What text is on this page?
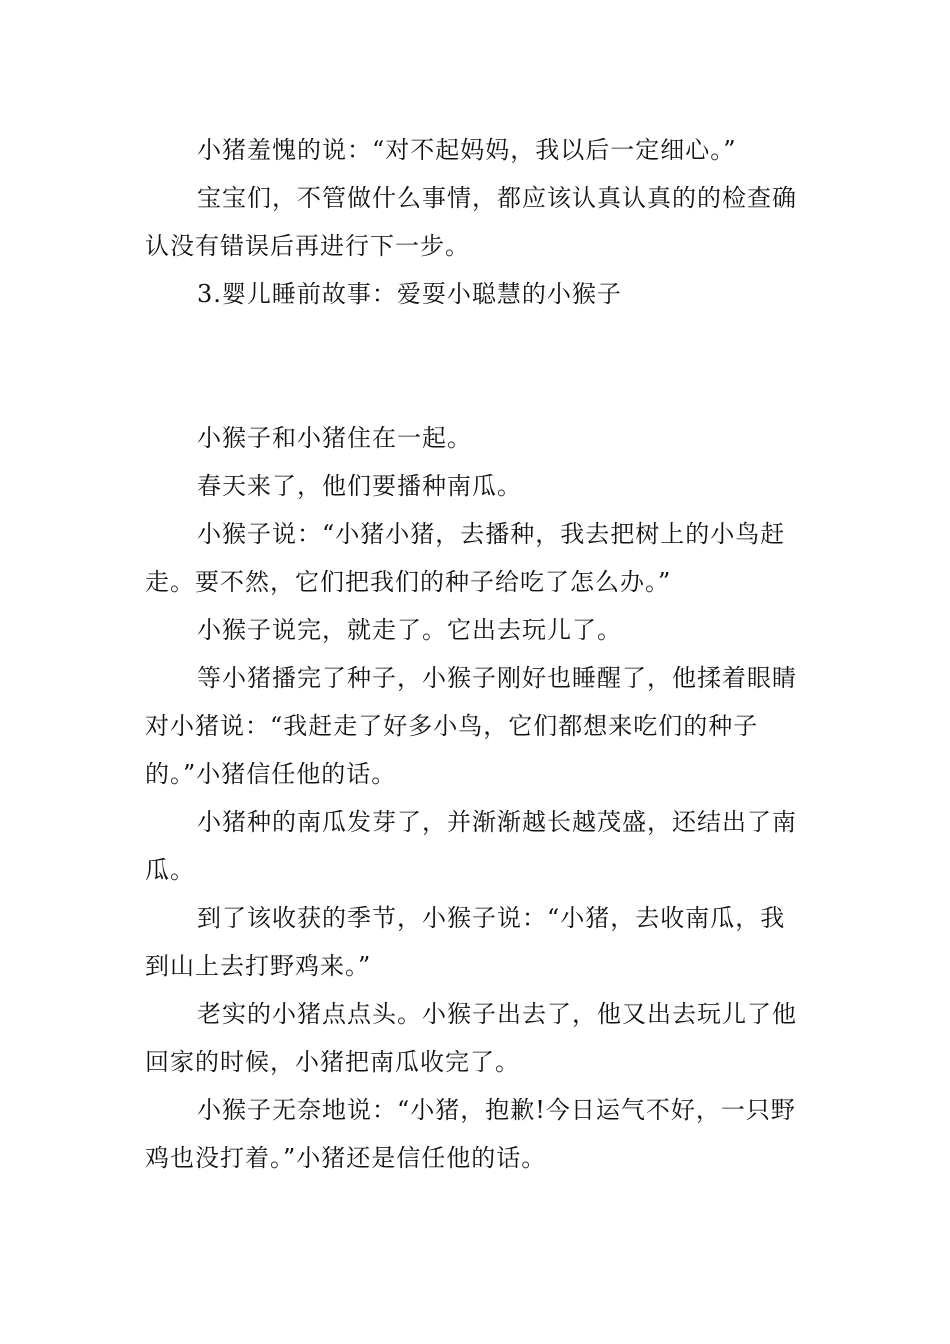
小猪羞愧的说：“对不起妈妈，我以后一定细心。”

宝宝们，不管做什么事情，都应该认真认真的的检查确认没有错误后再进行下一步。

3.婴儿睡前故事：爱耍小聪慧的小猴子

小猴子和小猪住在一起。

春天来了，他们要播种南瓜。

小猴子说：“小猪小猪，去播种，我去把树上的小鸟赶走。要不然，它们把我们的种子给吃了怎么办。”

小猴子说完，就走了。它出去玩儿了。

等小猪播完了种子，小猴子刚好也睡醒了，他揉着眼睛对小猪说：“我赶走了好多小鸟，它们都想来吃们的种子的。”小猪信任他的话。

小猪种的南瓜发芽了，并渐渐越长越茂盛，还结出了南瓜。

到了该收获的季节，小猴子说：“小猪，去收南瓜，我到山上去打野鸡来。”

老实的小猪点点头。小猴子出去了，他又出去玩儿了他回家的时候，小猪把南瓜收完了。

小猴子无奈地说：“小猪，抱歉!今日运气不好，一只野鸡也没打着。”小猪还是信任他的话。
